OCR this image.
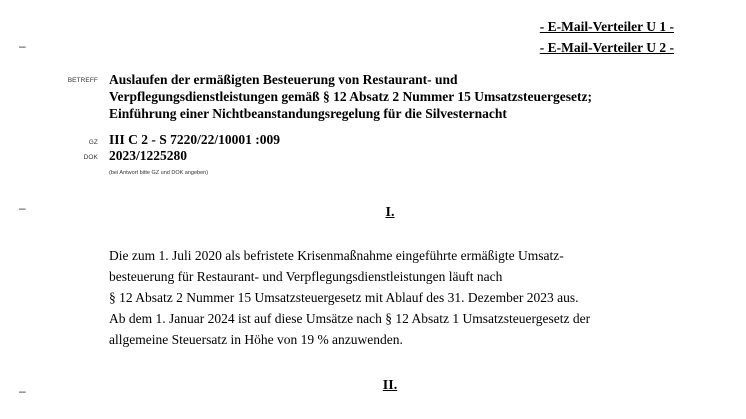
–
–
–
- E-Mail-Verteiler U 1 -
- E-Mail-Verteiler U 2 -
BETREFF Auslaufen der ermäßigten Besteuerung von Restaurant- und
Verpflegungsdienstleistungen gemäß § 12 Absatz 2 Nummer 15 Umsatzsteuergesetz;
Einführung einer Nichtbeanstandungsregelung für die Silvesternacht
GZ III C 2 - S 7220/22/10001 :009
DOK 2023/1225280
(bei Antwort bitte GZ und DOK angeben)
I.

Die zum 1. Juli 2020 als befristete Krisenmaßnahme eingeführte ermäßigte Umsatz-
besteuerung für Restaurant- und Verpflegungsdienstleistungen läuft nach
§ 12 Absatz 2 Nummer 15 Umsatzsteuergesetz mit Ablauf des 31. Dezember 2023 aus.
Ab dem 1. Januar 2024 ist auf diese Umsätze nach § 12 Absatz 1 Umsatzsteuergesetz der
allgemeine Steuersatz in Höhe von 19 % anzuwenden.

II.
